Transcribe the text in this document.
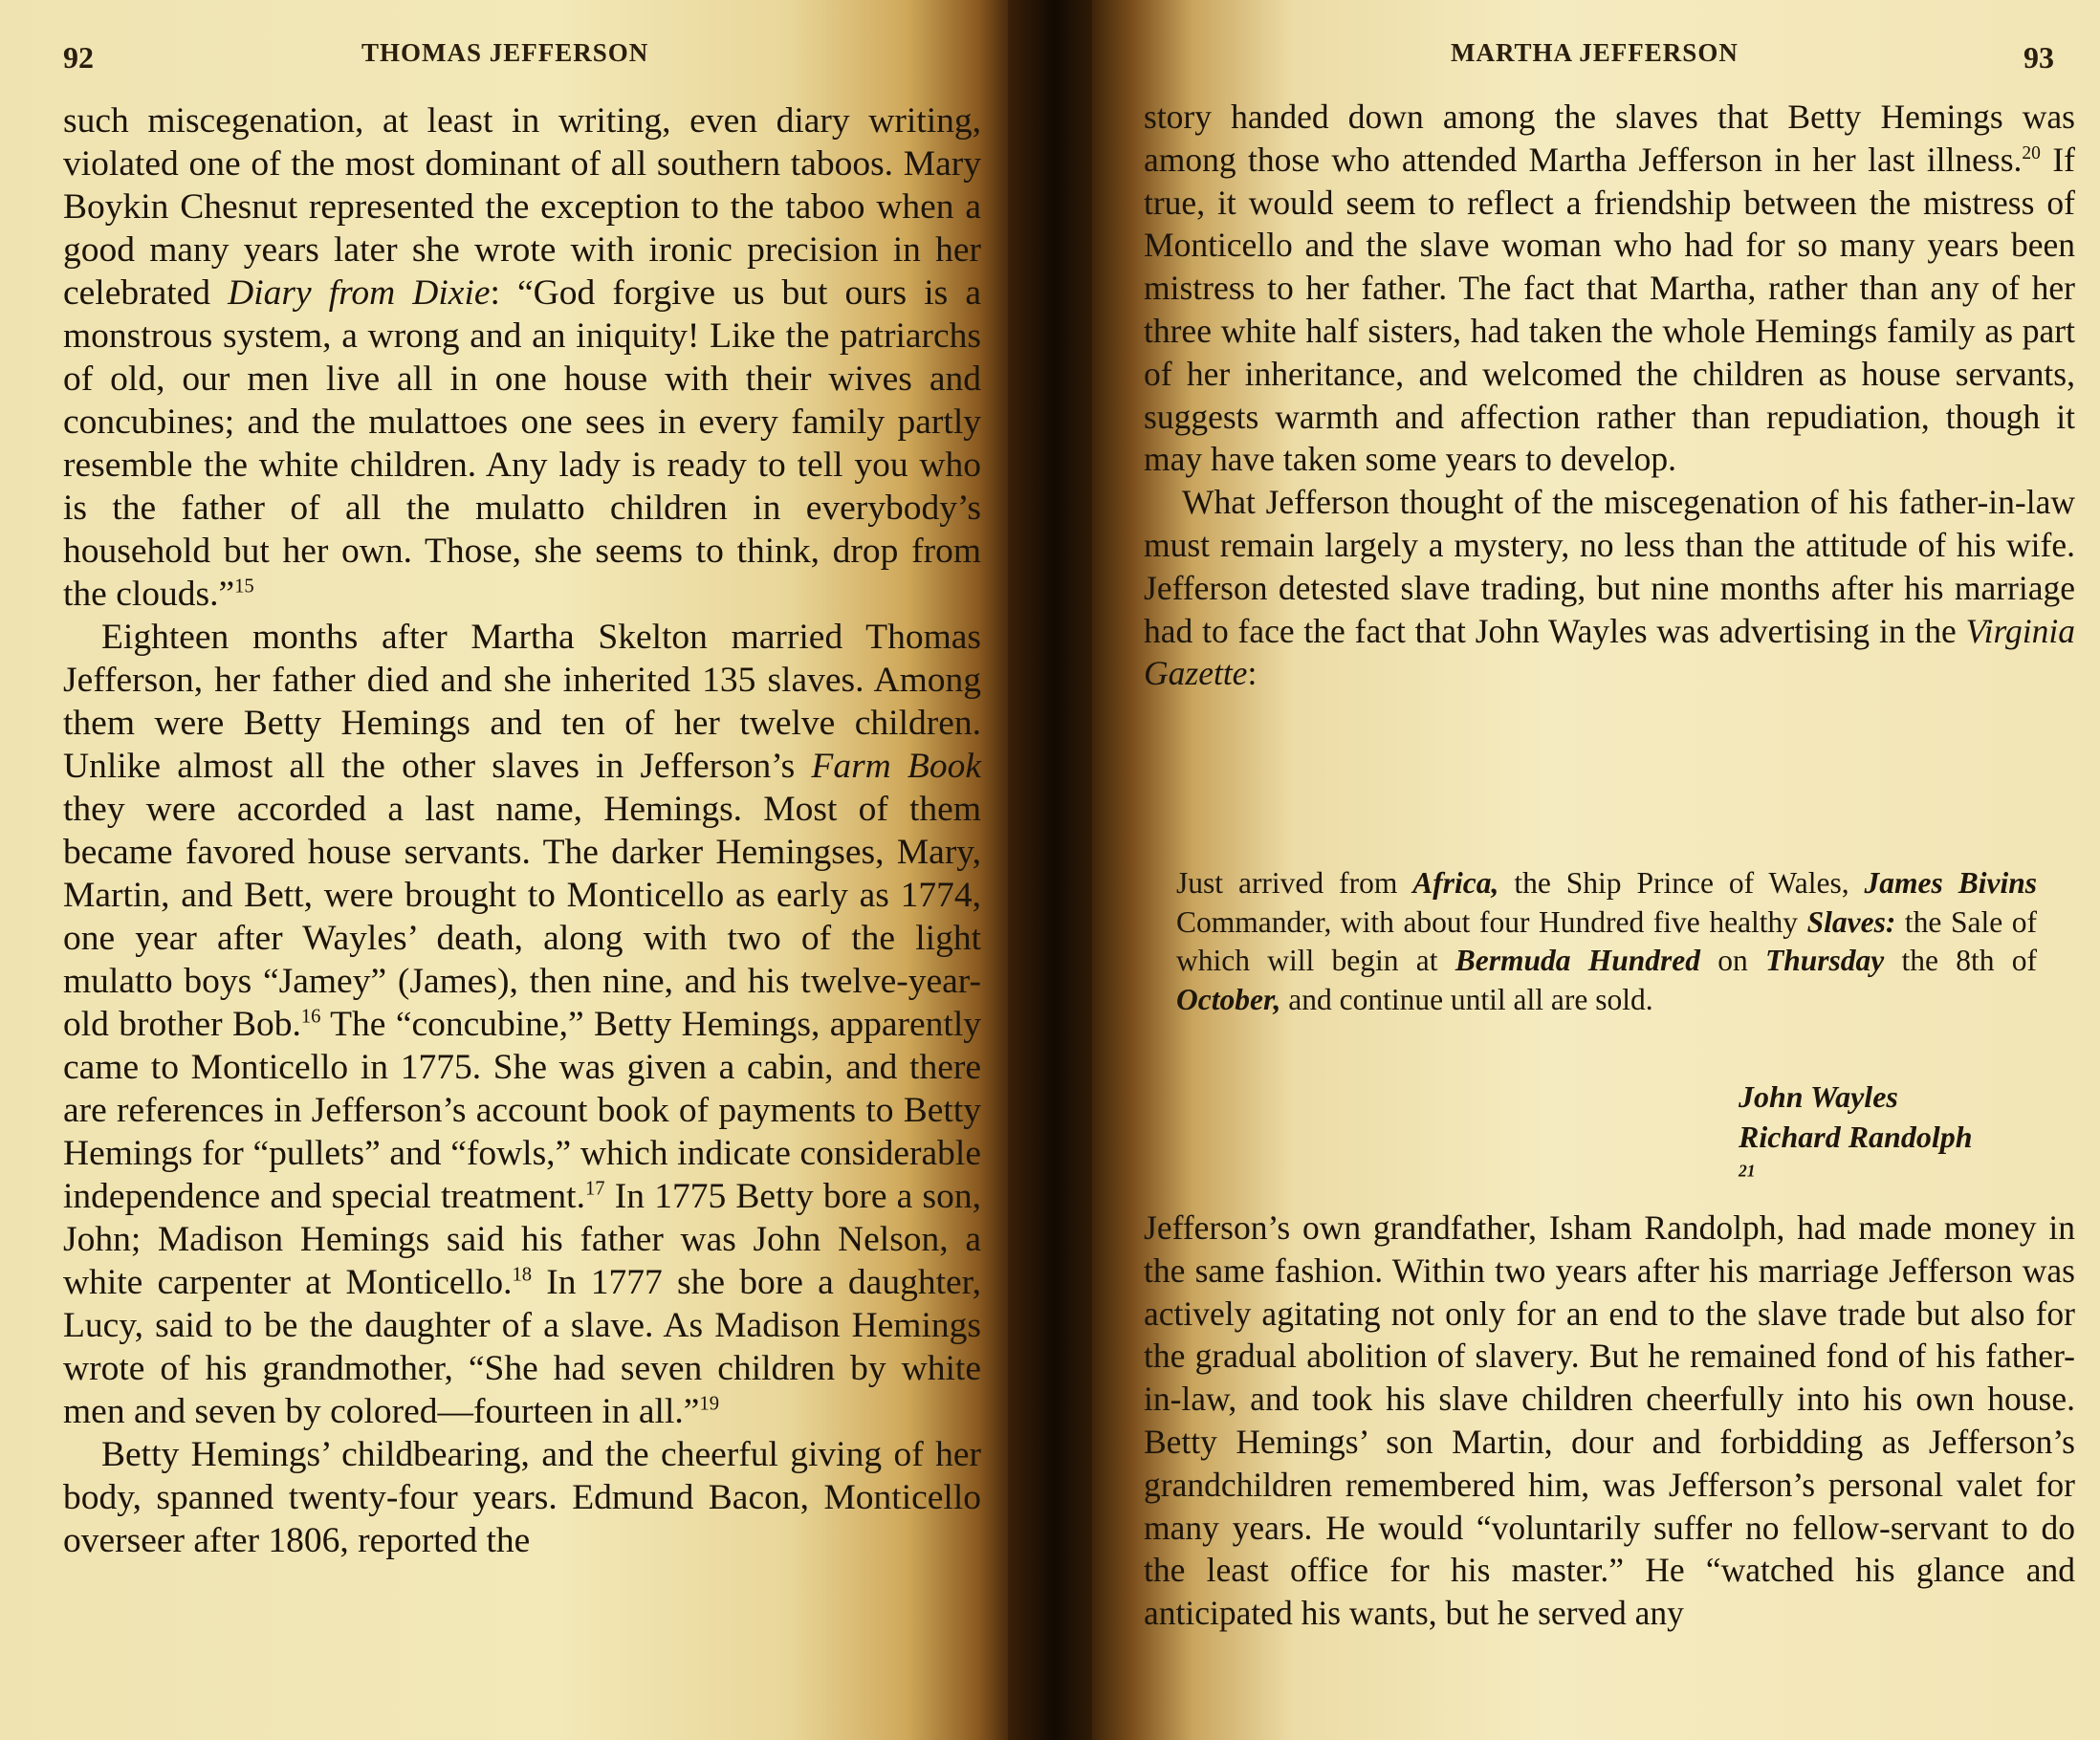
92	THOMAS JEFFERSON

such miscegenation, at least in writing, even diary writing, violated one of the most dominant of all southern taboos. Mary Boykin Chesnut represented the exception to the taboo when a good many years later she wrote with ironic precision in her celebrated Diary from Dixie: “God forgive us but ours is a monstrous system, a wrong and an iniquity! Like the patriarchs of old, our men live all in one house with their wives and concubines; and the mulattoes one sees in every family partly resemble the white children. Any lady is ready to tell you who is the father of all the mulatto children in everybody’s household but her own. Those, she seems to think, drop from the clouds.”$^{15}$

Eighteen months after Martha Skelton married Thomas Jefferson, her father died and she inherited 135 slaves. Among them were Betty Hemings and ten of her twelve children. Unlike almost all the other slaves in Jefferson’s Farm Book they were accorded a last name, Hemings. Most of them became favored house servants. The darker Hemingses, Mary, Martin, and Bett, were brought to Monticello as early as 1774, one year after Wayles’ death, along with two of the light mulatto boys “Jamey” (James), then nine, and his twelve-year-old brother Bob.$^{16}$ The “concubine,” Betty Hemings, apparently came to Monticello in 1775. She was given a cabin, and there are references in Jefferson’s account book of payments to Betty Hemings for “pullets” and “fowls,” which indicate considerable independence and special treatment.$^{17}$ In 1775 Betty bore a son, John; Madison Hemings said his father was John Nelson, a white carpenter at Monticello.$^{18}$ In 1777 she bore a daughter, Lucy, said to be the daughter of a slave. As Madison Hemings wrote of his grandmother, “She had seven children by white men and seven by colored—fourteen in all.”$^{19}$

Betty Hemings’ childbearing, and the cheerful giving of her body, spanned twenty-four years. Edmund Bacon, Monticello overseer after 1806, reported the

MARTHA JEFFERSON	93

story handed down among the slaves that Betty Hemings was among those who attended Martha Jefferson in her last illness.$^{20}$ If true, it would seem to reflect a friendship between the mistress of Monticello and the slave woman who had for so many years been mistress to her father. The fact that Martha, rather than any of her three white half sisters, had taken the whole Hemings family as part of her inheritance, and welcomed the children as house servants, suggests warmth and affection rather than repudiation, though it may have taken some years to develop.

What Jefferson thought of the miscegenation of his father-in-law must remain largely a mystery, no less than the attitude of his wife. Jefferson detested slave trading, but nine months after his marriage had to face the fact that John Wayles was advertising in the Virginia Gazette:

Just arrived from Africa, the Ship Prince of Wales, James Bivins Commander, with about four Hundred five healthy Slaves: the Sale of which will begin at Bermuda Hundred on Thursday the 8th of October, and continue until all are sold.

John Wayles
Richard Randolph
$^{21}$

Jefferson’s own grandfather, Isham Randolph, had made money in the same fashion. Within two years after his marriage Jefferson was actively agitating not only for an end to the slave trade but also for the gradual abolition of slavery. But he remained fond of his father-in-law, and took his slave children cheerfully into his own house. Betty Hemings’ son Martin, dour and forbidding as Jefferson’s grandchildren remembered him, was Jefferson’s personal valet for many years. He would “voluntarily suffer no fellow-servant to do the least office for his master.” He “watched his glance and anticipated his wants, but he served any
